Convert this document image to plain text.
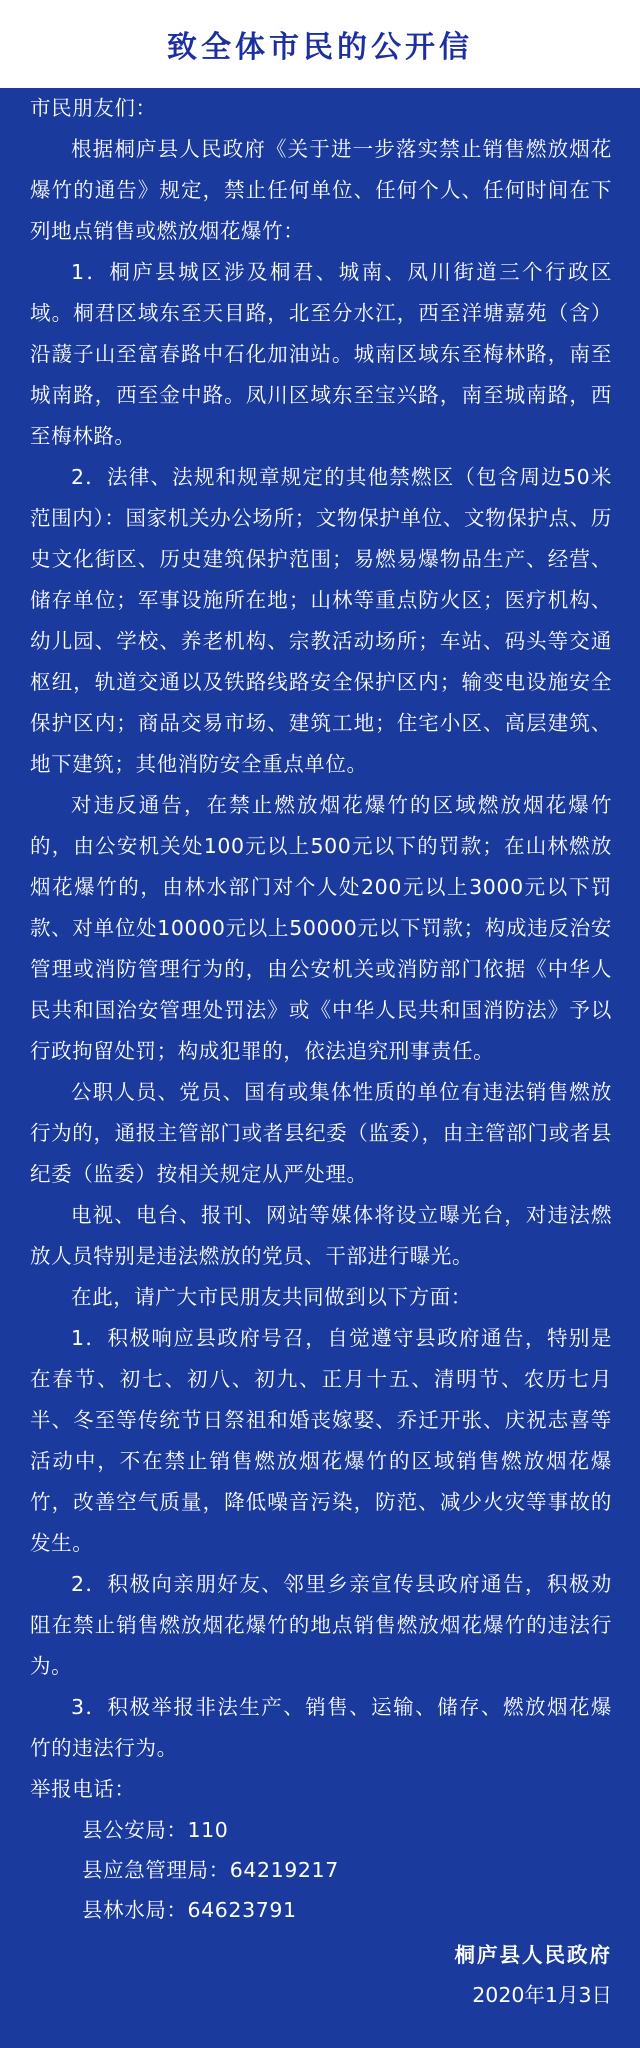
致全体市民的公开信

市民朋友们：

根据桐庐县人民政府《关于进一步落实禁止销售燃放烟花爆竹的通告》规定，禁止任何单位、任何个人、任何时间在下列地点销售或燃放烟花爆竹：

1．桐庐县城区涉及桐君、城南、凤川街道三个行政区域。桐君区域东至天目路，北至分水江，西至洋塘嘉苑（含）沿蘐子山至富春路中石化加油站。城南区域东至梅林路，南至城南路，西至金中路。凤川区域东至宝兴路，南至城南路，西至梅林路。

2．法律、法规和规章规定的其他禁燃区（包含周边50米范围内）：国家机关办公场所；文物保护单位、文物保护点、历史文化街区、历史建筑保护范围；易燃易爆物品生产、经营、储存单位；军事设施所在地；山林等重点防火区；医疗机构、幼儿园、学校、养老机构、宗教活动场所；车站、码头等交通枢纽，轨道交通以及铁路线路安全保护区内；输变电设施安全保护区内；商品交易市场、建筑工地；住宅小区、高层建筑、地下建筑；其他消防安全重点单位。

对违反通告，在禁止燃放烟花爆竹的区域燃放烟花爆竹的，由公安机关处100元以上500元以下的罚款；在山林燃放烟花爆竹的，由林水部门对个人处200元以上3000元以下罚款、对单位处10000元以上50000元以下罚款；构成违反治安管理或消防管理行为的，由公安机关或消防部门依据《中华人民共和国治安管理处罚法》或《中华人民共和国消防法》予以行政拘留处罚；构成犯罪的，依法追究刑事责任。

公职人员、党员、国有或集体性质的单位有违法销售燃放行为的，通报主管部门或者县纪委（监委），由主管部门或者县纪委（监委）按相关规定从严处理。

电视、电台、报刊、网站等媒体将设立曝光台，对违法燃放人员特别是违法燃放的党员、干部进行曝光。

在此，请广大市民朋友共同做到以下方面：

1．积极响应县政府号召，自觉遵守县政府通告，特别是在春节、初七、初八、初九、正月十五、清明节、农历七月半、冬至等传统节日祭祖和婚丧嫁娶、乔迁开张、庆祝志喜等活动中，不在禁止销售燃放烟花爆竹的区域销售燃放烟花爆竹，改善空气质量，降低噪音污染，防范、减少火灾等事故的发生。

2．积极向亲朋好友、邻里乡亲宣传县政府通告，积极劝阻在禁止销售燃放烟花爆竹的地点销售燃放烟花爆竹的违法行为。

3．积极举报非法生产、销售、运输、储存、燃放烟花爆竹的违法行为。

举报电话：

县公安局：110

县应急管理局：64219217

县林水局：64623791

桐庐县人民政府
2020年1月3日
